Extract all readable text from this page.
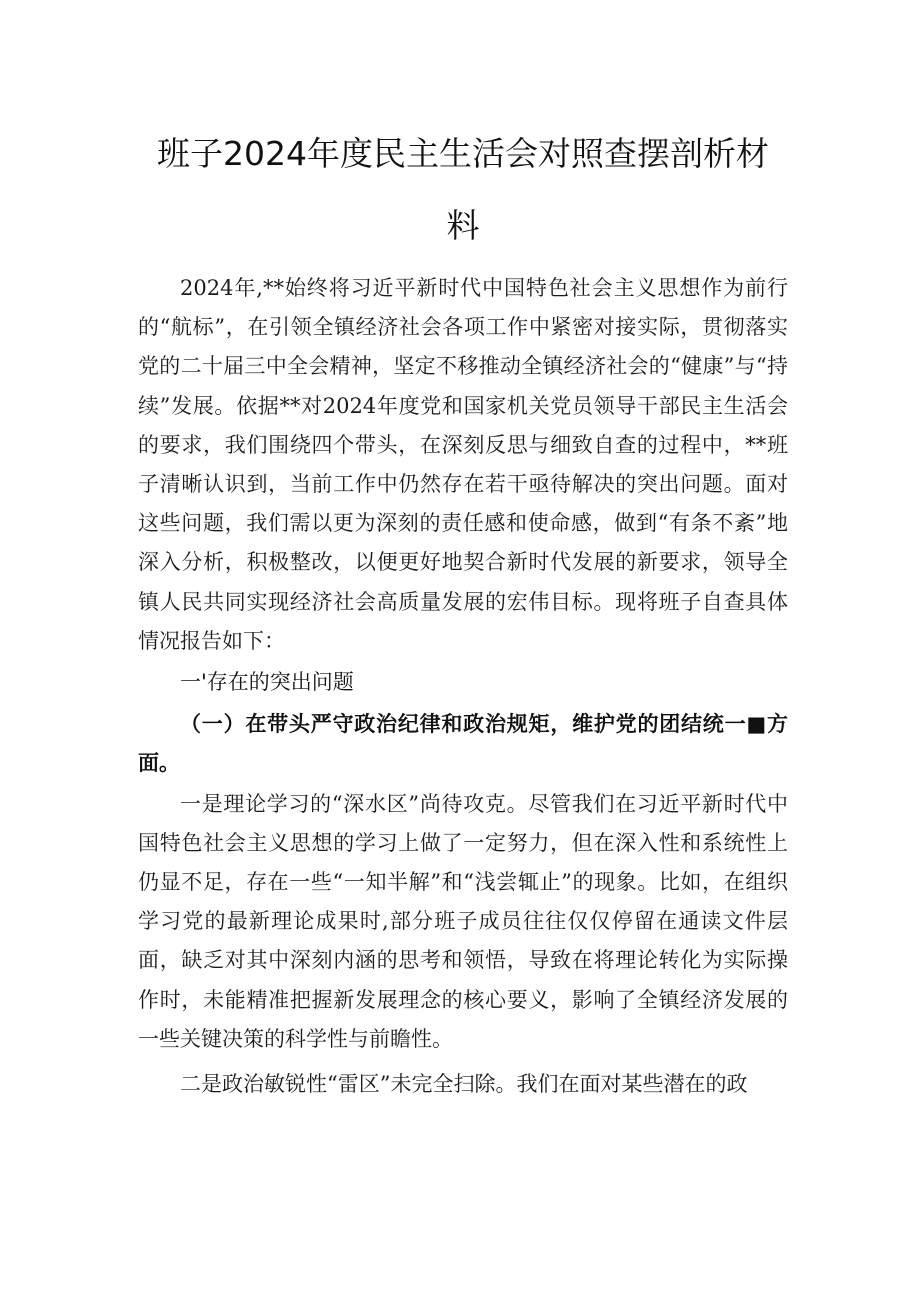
班子2024年度民主生活会对照查摆剖析材
料

2024年,**始终将习近平新时代中国特色社会主义思想作为前行的“航标”，在引领全镇经济社会各项工作中紧密对接实际，贯彻落实党的二十届三中全会精神，坚定不移推动全镇经济社会的“健康”与“持续”发展。依据**对2024年度党和国家机关党员领导干部民主生活会的要求，我们围绕四个带头，在深刻反思与细致自查的过程中，**班子清晰认识到，当前工作中仍然存在若干亟待解决的突出问题。面对这些问题，我们需以更为深刻的责任感和使命感，做到“有条不紊”地深入分析，积极整改，以便更好地契合新时代发展的新要求，领导全镇人民共同实现经济社会高质量发展的宏伟目标。现将班子自查具体情况报告如下：

一'存在的突出问题

（一）在带头严守政治纪律和政治规矩，维护党的团结统一■方面。

一是理论学习的“深水区”尚待攻克。尽管我们在习近平新时代中国特色社会主义思想的学习上做了一定努力，但在深入性和系统性上仍显不足，存在一些“一知半解”和“浅尝辄止”的现象。比如，在组织学习党的最新理论成果时,部分班子成员往往仅仅停留在通读文件层面，缺乏对其中深刻内涵的思考和领悟，导致在将理论转化为实际操作时，未能精准把握新发展理念的核心要义，影响了全镇经济发展的一些关键决策的科学性与前瞻性。

二是政治敏锐性“雷区”未完全扫除。我们在面对某些潜在的政
